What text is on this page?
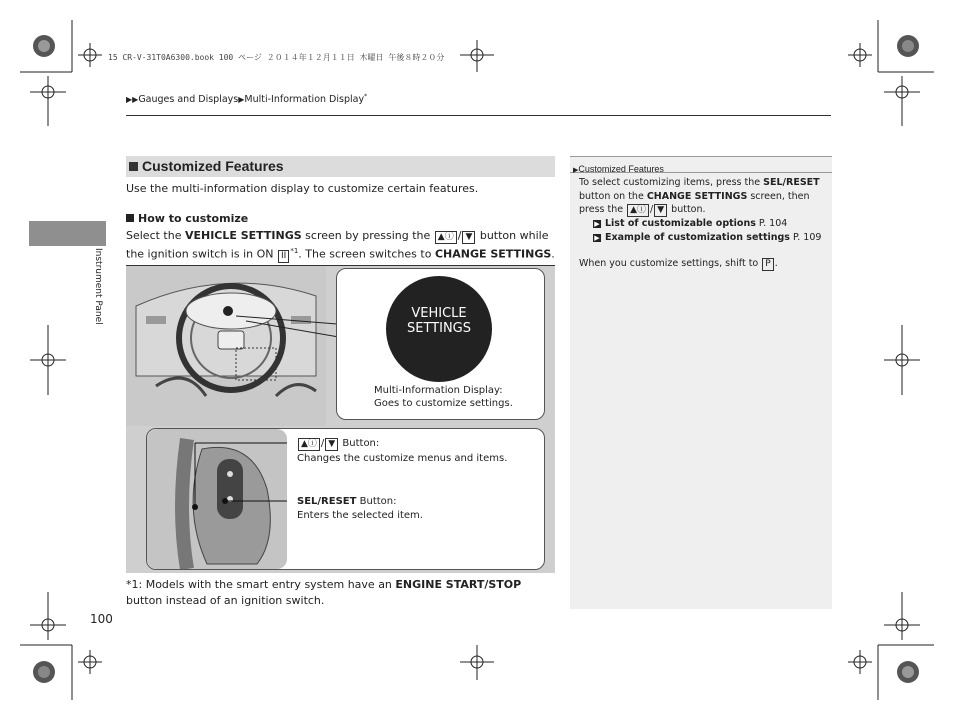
15 CR-V-31T0A6300.book 100 ページ ２０１４年１２月１１日 木曜日 午後８時２０分
▶▶Gauges and Displays▶Multi-Information Display*
Instrument Panel
Customized Features
Use the multi-information display to customize certain features.
How to customize
Select the VEHICLE SETTINGS screen by pressing the ▲ⓘ / ▼ button while the ignition switch is in ON II $^{*1}$. The screen switches to CHANGE SETTINGS.
VEHICLE
SETTINGS
Multi-Information Display:
Goes to customize settings.
▲ⓘ / ▼ Button:
Changes the customize menus and items.
SEL/RESET Button:
Enters the selected item.
*1: Models with the smart entry system have an ENGINE START/STOP button instead of an ignition switch.
100
▶Customized Features
To select customizing items, press the SEL/RESET
button on the CHANGE SETTINGS screen, then
press the ▲ⓘ / ▼ button.
▶ List of customizable options P. 104
▶ Example of customization settings P. 109
When you customize settings, shift to P .
